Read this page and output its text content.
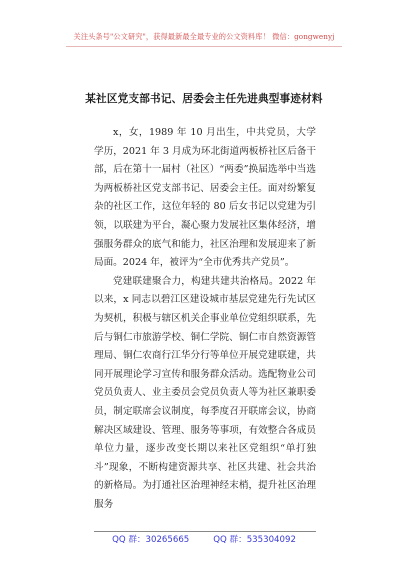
关注头条号"公文研究"，获得最新最全最专业的公文资料库！ 微信：gongwenyj
某社区党支部书记、居委会主任先进典型事迹材料

x，女，1989 年 10 月出生，中共党员，大学学历，2021 年 3 月成为环北街道两板桥社区后备干部，后在第十一届村（社区）“两委”换届选举中当选为两板桥社区党支部书记、居委会主任。面对纷繁复杂的社区工作，这位年轻的 80 后女书记以党建为引领，以联建为平台，凝心聚力发展社区集体经济，增强服务群众的底气和能力，社区治理和发展迎来了新局面。2024 年，被评为“全市优秀共产党员”。

党建联建聚合力，构建共建共治格局。2022 年以来，x 同志以碧江区建设城市基层党建先行先试区为契机，积极与辖区机关企事业单位党组织联系，先后与铜仁市旅游学校、铜仁学院、铜仁市自然资源管理局、铜仁农商行江华分行等单位开展党建联建，共同开展理论学习宣传和服务群众活动。选配物业公司党员负责人、业主委员会党员负责人等为社区兼职委员，制定联席会议制度，每季度召开联席会议，协商解决区域建设、管理、服务等事项，有效整合各成员单位力量，逐步改变长期以来社区党组织“单打独斗”现象，不断构建资源共享、社区共建、社会共治的新格局。为打通社区治理神经末梢，提升社区治理服务

QQ 群：30265665	QQ 群：535304092
